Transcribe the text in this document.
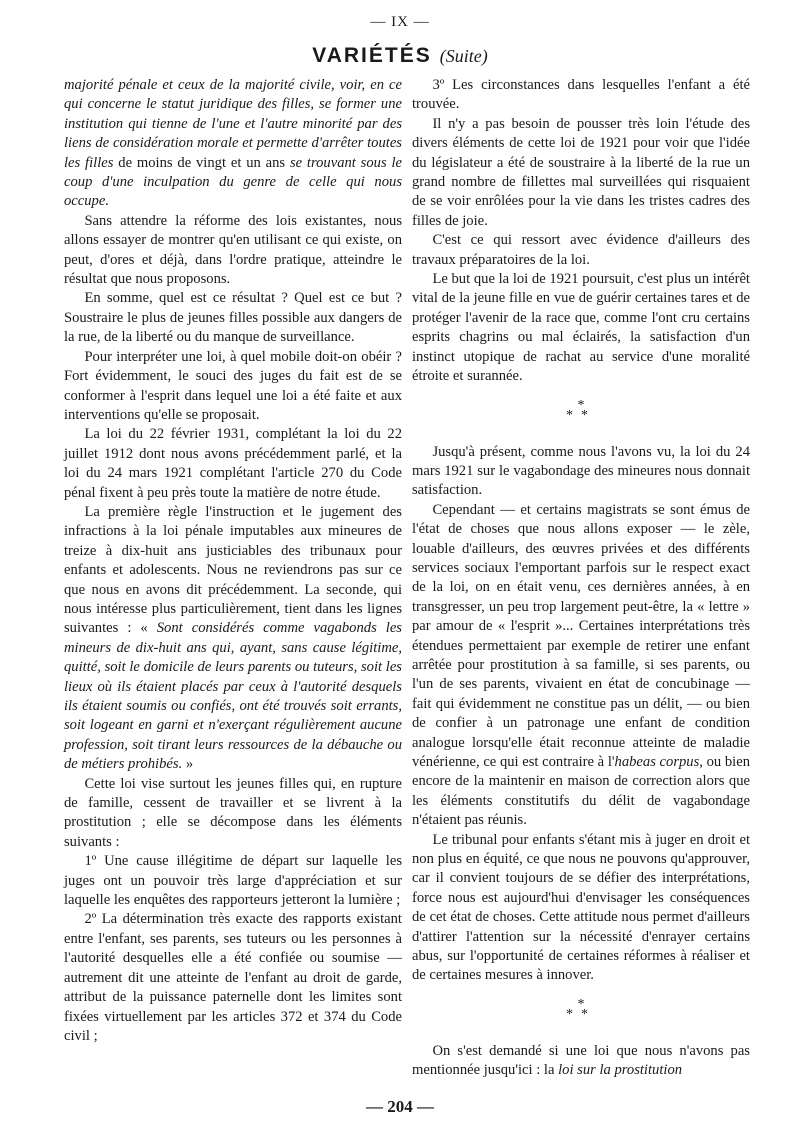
— IX —
VARIÉTÉS (Suite)

majorité pénale et ceux de la majorité civile, voir, en ce qui concerne le statut juridique des filles, se former une institution qui tienne de l'une et l'autre minorité par des liens de considération morale et permette d'arrêter toutes les filles de moins de vingt et un ans se trouvant sous le coup d'une inculpation du genre de celle qui nous occupe.

Sans attendre la réforme des lois existantes, nous allons essayer de montrer qu'en utilisant ce qui existe, on peut, d'ores et déjà, dans l'ordre pratique, atteindre le résultat que nous proposons.

En somme, quel est ce résultat ? Quel est ce but ? Soustraire le plus de jeunes filles possible aux dangers de la rue, de la liberté ou du manque de surveillance.

Pour interpréter une loi, à quel mobile doit-on obéir ? Fort évidemment, le souci des juges du fait est de se conformer à l'esprit dans lequel une loi a été faite et aux interventions qu'elle se proposait.

La loi du 22 février 1931, complétant la loi du 22 juillet 1912 dont nous avons précédemment parlé, et la loi du 24 mars 1921 complétant l'article 270 du Code pénal fixent à peu près toute la matière de notre étude.

La première règle l'instruction et le jugement des infractions à la loi pénale imputables aux mineures de treize à dix-huit ans justiciables des tribunaux pour enfants et adolescents. Nous ne reviendrons pas sur ce que nous en avons dit précédemment. La seconde, qui nous intéresse plus particulièrement, tient dans les lignes suivantes : « Sont considérés comme vagabonds les mineurs de dix-huit ans qui, ayant, sans cause légitime, quitté, soit le domicile de leurs parents ou tuteurs, soit les lieux où ils étaient placés par ceux à l'autorité desquels ils étaient soumis ou confiés, ont été trouvés soit errants, soit logeant en garni et n'exerçant régulièrement aucune profession, soit tirant leurs ressources de la débauche ou de métiers prohibés. »

Cette loi vise surtout les jeunes filles qui, en rupture de famille, cessent de travailler et se livrent à la prostitution ; elle se décompose dans les éléments suivants :

1º Une cause illégitime de départ sur laquelle les juges ont un pouvoir très large d'appréciation et sur laquelle les enquêtes des rapporteurs jetteront la lumière ;

2º La détermination très exacte des rapports existant entre l'enfant, ses parents, ses tuteurs ou les personnes à l'autorité desquelles elle a été confiée ou soumise — autrement dit une atteinte de l'enfant au droit de garde, attribut de la puissance paternelle dont les limites sont fixées virtuellement par les articles 372 et 374 du Code civil ;

3º Les circonstances dans lesquelles l'enfant a été trouvée.

Il n'y a pas besoin de pousser très loin l'étude des divers éléments de cette loi de 1921 pour voir que l'idée du législateur a été de soustraire à la liberté de la rue un grand nombre de fillettes mal surveillées qui risquaient de se voir enrôlées pour la vie dans les tristes cadres des filles de joie.

C'est ce qui ressort avec évidence d'ailleurs des travaux préparatoires de la loi.

Le but que la loi de 1921 poursuit, c'est plus un intérêt vital de la jeune fille en vue de guérir certaines tares et de protéger l'avenir de la race que, comme l'ont cru certains esprits chagrins ou mal éclairés, la satisfaction d'un instinct utopique de rachat au service d'une moralité étroite et surannée.

*
**

Jusqu'à présent, comme nous l'avons vu, la loi du 24 mars 1921 sur le vagabondage des mineures nous donnait satisfaction.

Cependant — et certains magistrats se sont émus de l'état de choses que nous allons exposer — le zèle, louable d'ailleurs, des œuvres privées et des différents services sociaux l'emportant parfois sur le respect exact de la loi, on en était venu, ces dernières années, à en transgresser, un peu trop largement peut-être, la « lettre » par amour de « l'esprit »... Certaines interprétations très étendues permettaient par exemple de retirer une enfant arrêtée pour prostitution à sa famille, si ses parents, ou l'un de ses parents, vivaient en état de concubinage — fait qui évidemment ne constitue pas un délit, — ou bien de confier à un patronage une enfant de condition analogue lorsqu'elle était reconnue atteinte de maladie vénérienne, ce qui est contraire à l'habeas corpus, ou bien encore de la maintenir en maison de correction alors que les éléments constitutifs du délit de vagabondage n'étaient pas réunis.

Le tribunal pour enfants s'étant mis à juger en droit et non plus en équité, ce que nous ne pouvons qu'approuver, car il convient toujours de se défier des interprétations, force nous est aujourd'hui d'envisager les conséquences de cet état de choses. Cette attitude nous permet d'ailleurs d'attirer l'attention sur la nécessité d'enrayer certains abus, sur l'opportunité de certaines réformes à réaliser et de certaines mesures à innover.

*
**

On s'est demandé si une loi que nous n'avons pas mentionnée jusqu'ici : la loi sur la prostitution

— 204 —
